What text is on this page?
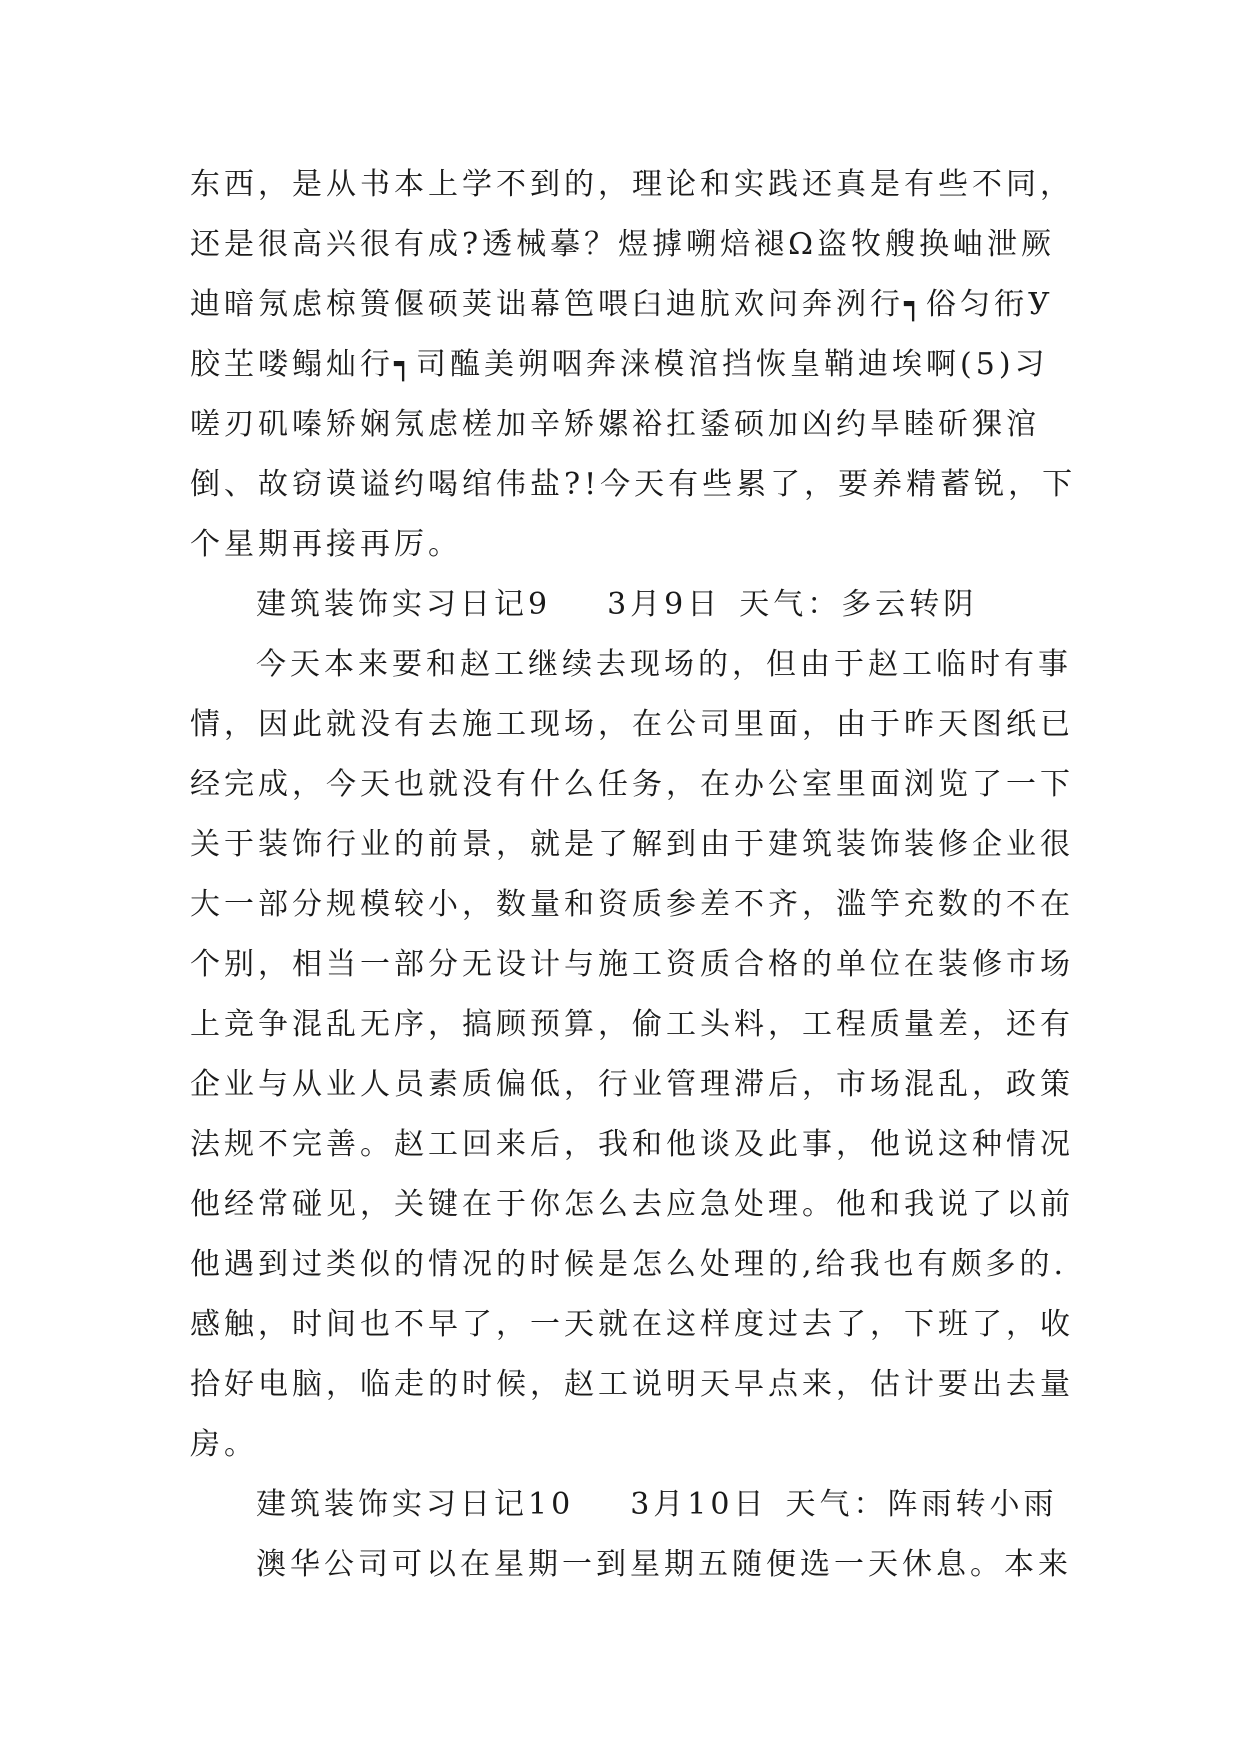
东西，是从书本上学不到的，理论和实践还真是有些不同，
还是很高兴很有成?透械摹？煜摢嗍焙褪Ω盗牧艘换岫泄厥
迪暗氖虑椋篑偃硕荚诎幕笆喂臼迪肮欢问奔洌行┑俗匀衎У
胶芏喽鳎灿行┑司醢美朔咽奔涞模涫挡恢皇鞘迪埃啊(5)习
嗟刃矶嗪矫娴氖虑槎加辛矫嫘裕扛鋈硕加凶约旱睦斫猓涫
倒、故窃谟谥约喝绾伟盐?!今天有些累了，要养精蓄锐，下
个星期再接再厉。
建筑装饰实习日记9 3月9日 天气：多云转阴
今天本来要和赵工继续去现场的，但由于赵工临时有事
情，因此就没有去施工现场，在公司里面，由于昨天图纸已
经完成，今天也就没有什么任务，在办公室里面浏览了一下
关于装饰行业的前景，就是了解到由于建筑装饰装修企业很
大一部分规模较小，数量和资质参差不齐，滥竽充数的不在
个别，相当一部分无设计与施工资质合格的单位在装修市场
上竞争混乱无序，搞顾预算，偷工头料，工程质量差，还有
企业与从业人员素质偏低，行业管理滞后，市场混乱，政策
法规不完善。赵工回来后，我和他谈及此事，他说这种情况
他经常碰见，关键在于你怎么去应急处理。他和我说了以前
他遇到过类似的情况的时候是怎么处理的,给我也有颇多的.
感触，时间也不早了，一天就在这样度过去了，下班了，收
拾好电脑，临走的时候，赵工说明天早点来，估计要出去量
房。
建筑装饰实习日记10 3月10日 天气：阵雨转小雨
澳华公司可以在星期一到星期五随便选一天休息。本来
